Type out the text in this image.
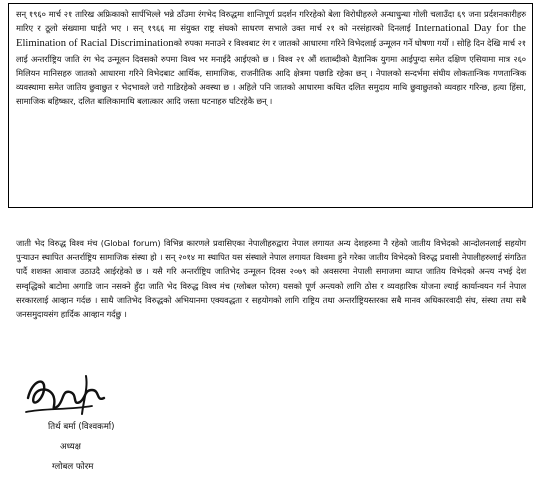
सन् १९६० मार्च २१ तारिख अफ्रिकाको सार्पभिल्ले भन्ने ठाँउमा रंगभेद विरुद्धमा शान्तिपूर्ण प्रदर्शन गरिरहेको बेला विरोधीहरुले अन्धाधुन्धा गोली चलाउँदा ६९ जना प्रर्दशनकारीहरु मारिए र ठूलो संख्यामा घाईते भए । सन् १९६६ मा संयुक्त राष्ट्र संघको साधरण सभाले उक्त मार्च २१ को नरसंहारको दिनलाई International Day for the Elimination of Racial Discriminationको रुपका मनाउने र विश्वबाट रंग र जातको आधारमा गरिने विभेदलाई उन्मूलन गर्ने घोषणा गर्यो । सोहि दिन देखि मार्च २१ लाई अन्तर्राष्ट्रिय जाति रंग भेद उन्मूलन दिवसको रुपमा विश्व भर मनाईदै आईएको छ । विश्व २१ औं शताब्दीको वैज्ञानिक युगमा आईपुग्दा समेत दक्षिण एसियामा मात्र २६० मिलियन मानिसहरु जातको आधारमा गरिने विभेदबाट आर्थिक, सामाजिक, राजनीतिक आदि क्षेत्रमा पछाडि रहेका छन् । नेपालको सन्दर्भमा संघीय लोकतान्त्रिक गणतान्त्रिक व्यवस्थामा समेत जातिय छुवाछुत र भेदभावले जरो गाडिरहेको अवस्था छ । अहिले पनि जातको आधारमा कथित दलित समुदाय माथि छुवाछुतको व्यवहार गरिन्छ, हत्या हिंसा, सामाजिक बहिष्कार, दलित बालिकामाथि बलात्कार आदि जस्ता घटनाहरु घटिरहेकै छन् ।

जाती भेद विरुद्ध विश्व मंच (Global forum) विभिन्न कारणले प्रवासिएका नेपालीहरुद्वारा नेपाल लगायत अन्य देशहरुमा नै रहेको जातीय विभेदको आन्दोलनलाई सहयोग पुऱ्याउन स्थापित अन्तर्राष्ट्रिय सामाजिक संस्था हो । सन् २०१४ मा स्थापित यस संस्थाले नेपाल लगायत विश्वमा हुने गरेका जातीय विभेदको विरुद्ध प्रवासी नेपालीहरुलाई संगठित पार्दै शशक्त आवाज उठाउदै आईरहेको छ । यसै गरि अन्तर्राष्ट्रिय जातिभेद उन्मूलन दिवस २०७९ को अवसरमा नेपाली समाजमा व्याप्त जातिय विभेदको अन्त्य नभई देश सम्वृद्धिको बाटोमा अगाडि जान नसक्ने हुँदा जाति भेद विरुद्ध विश्व मंच (ग्लोबल फोरम) यसको पूर्ण अन्त्यको लागि ठोस र व्यवहारिक योजना ल्याई कार्यान्वयन गर्न नेपाल सरकारलाई आव्हान गर्दछ । साथै जातिभेद विरुद्धको अभियानमा एक्यवद्धता र सहयोगको लागि राष्ट्रिय तथा अन्तर्राष्ट्रियस्तरका सबै मानव अधिकारवादी संघ, संस्था तथा सबै जनसमुदायसंग हार्दिक आव्हान गर्दछु ।

तिर्थ बर्मा (विश्वकर्मा)
अध्यक्ष
ग्लोबल फोरम
